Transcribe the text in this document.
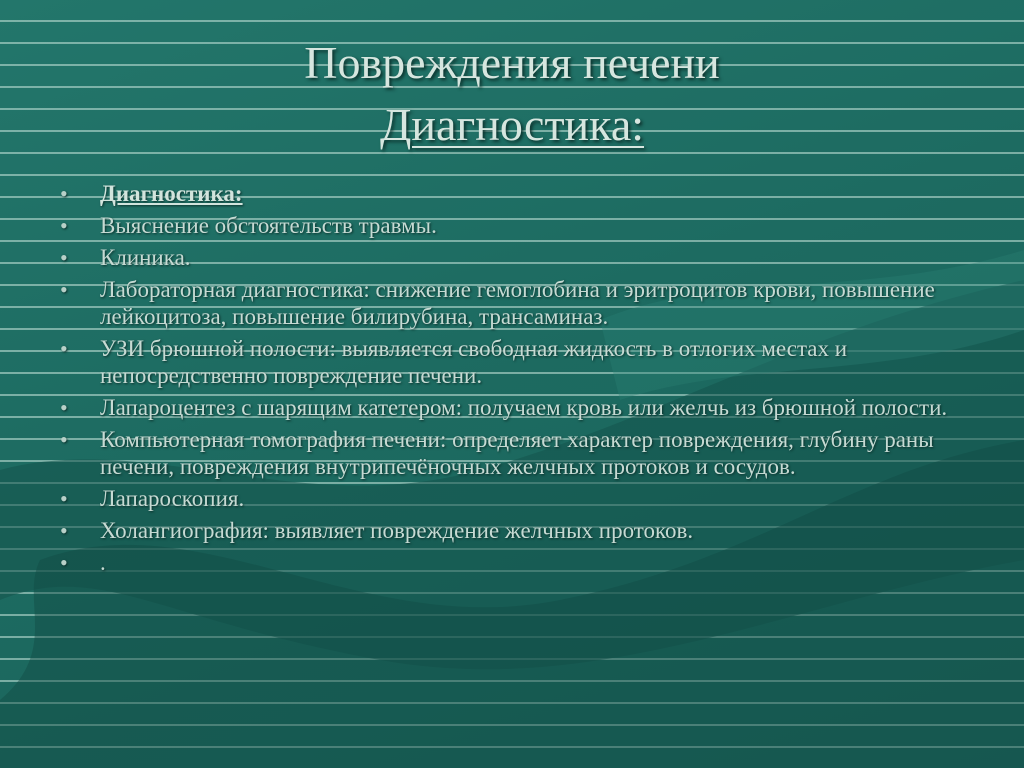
Повреждения печени
Диагностика:
• Диагностика:
• Выяснение обстоятельств травмы.
• Клиника.
• Лабораторная диагностика: снижение гемоглобина и эритроцитов крови, повышение лейкоцитоза, повышение билирубина, трансаминаз.
• УЗИ брюшной полости: выявляется свободная жидкость в отлогих местах и непосредственно повреждение печени.
• Лапароцентез с шарящим катетером: получаем кровь или желчь из брюшной полости.
• Компьютерная томография печени: определяет характер повреждения, глубину раны печени, повреждения внутрипечёночных желчных протоков и сосудов.
• Лапароскопия.
• Холангиография: выявляет повреждение желчных протоков.
• .
